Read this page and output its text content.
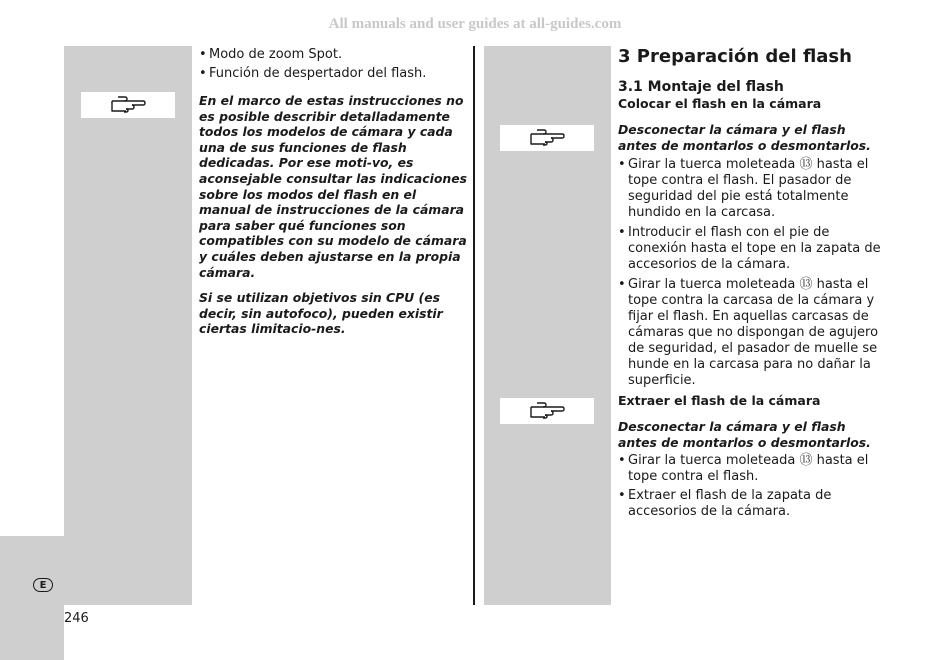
All manuals and user guides at all-guides.com
• Modo de zoom Spot.
• Función de despertador del flash.
En el marco de estas instrucciones no es posible describir detalladamente todos los modelos de cámara y cada una de sus funciones de flash dedicadas. Por ese moti-vo, es aconsejable consultar las indicaciones sobre los modos del flash en el manual de instrucciones de la cámara para saber qué funciones son compatibles con su modelo de cámara y cuáles deben ajustarse en la propia cámara.
Si se utilizan objetivos sin CPU (es decir, sin autofoco), pueden existir ciertas limitacio-nes.
3 Preparación del flash
3.1 Montaje del flash
Colocar el flash en la cámara
Desconectar la cámara y el flash antes de montarlos o desmontarlos.
• Girar la tuerca moleteada ⑬ hasta el tope contra el flash. El pasador de seguridad del pie está totalmente hundido en la carcasa.
• Introducir el flash con el pie de conexión hasta el tope en la zapata de accesorios de la cámara.
• Girar la tuerca moleteada ⑬ hasta el tope contra la carcasa de la cámara y fijar el flash. En aquellas carcasas de cámaras que no dispongan de agujero de seguridad, el pasador de muelle se hunde en la carcasa para no dañar la superficie.
Extraer el flash de la cámara
Desconectar la cámara y el flash antes de montarlos o desmontarlos.
• Girar la tuerca moleteada ⑬ hasta el tope contra el flash.
• Extraer el flash de la zapata de accesorios de la cámara.
E
246
